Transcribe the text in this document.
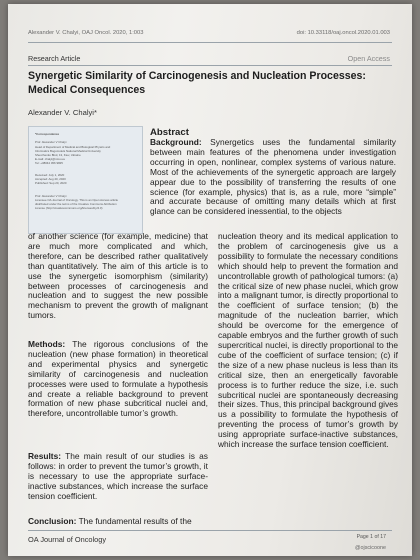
Alexander V. Chalyi, OAJ Oncol. 2020, 1:003	doi: 10.33118/oaj.oncol.2020.01.003
Research Article	Open Access
Synergetic Similarity of Carcinogenesis and Nucleation Processes: Medical Consequences
Alexander V. Chalyi*

*Correspondence

Prof. Alexander V Chalyi

Head of Department of Medical and Biological Physics and

Informatics Bogomolets National Medical University

Shevchenko Blvd, 13, Kiev, Ukraine

E-mail: chalyi@nmu.ua

Tel: +38044 456 9825

Received: July 1, 2020

Accepted: Aug 20, 2020

Published: Sep 20, 2020

Prof. Alexander V Chalyi

Licensee OA Journal of Oncology. This is an Open Access article

distributed under the terms of the Creative Commons Attribution

License (http://creativecommons.org/licenses/by/4.0)

Abstract

Background: Synergetics uses the fundamental similarity between main features of the phenomena under investigation occurring in open, nonlinear, complex systems of various nature. Most of the achievements of the synergetic approach are largely appear due to the possibility of transferring the results of one science (for example, physics) that is, as a rule, more “simple” and accurate because of omitting many details which at first glance can be considered inessential, to the objects

of another science (for example, medicine) that are much more complicated and which, therefore, can be described rather qualitatively than quantitatively. The aim of this article is to use the synergetic isomorphism (similarity) between processes of carcinogenesis and nucleation and to suggest the new possible mechanism to prevent the growth of malignant tumors.

Methods: The rigorous conclusions of the nucleation (new phase formation) in theoretical and experimental physics and synergetic similarity of carcinogenesis and nucleation processes were used to formulate a hypothesis and create a reliable background to prevent formation of new phase subcritical nuclei and, therefore, uncontrollable tumor’s growth.

Results: The main result of our studies is as follows: in order to prevent the tumor’s growth, it is necessary to use the appropriate surface-inactive substances, which increase the surface tension coefficient.

Conclusion: The fundamental results of the

nucleation theory and its medical application to the problem of carcinogenesis give us a possibility to formulate the necessary conditions which should help to prevent the formation and uncontrollable growth of pathological tumors: (a) the critical size of new phase nuclei, which grow into a malignant tumor, is directly proportional to the coefficient of surface tension; (b) the magnitude of the nucleation barrier, which should be overcome for the emergence of capable embryos and the further growth of such supercritical nuclei, is directly proportional to the cube of the coefficient of surface tension; (c) if the size of a new phase nucleus is less than its critical size, then an energetically favorable process is to further reduce the size, i.e. such subcritical nuclei are spontaneously decreasing their sizes. Thus, this principal background gives us a possibility to formulate the hypothesis of preventing the process of tumor’s growth by using appropriate surface-inactive substances, which increase the surface tension coefficient.

OA Journal of Oncology	Page 1 of 17
@ojscicoone
